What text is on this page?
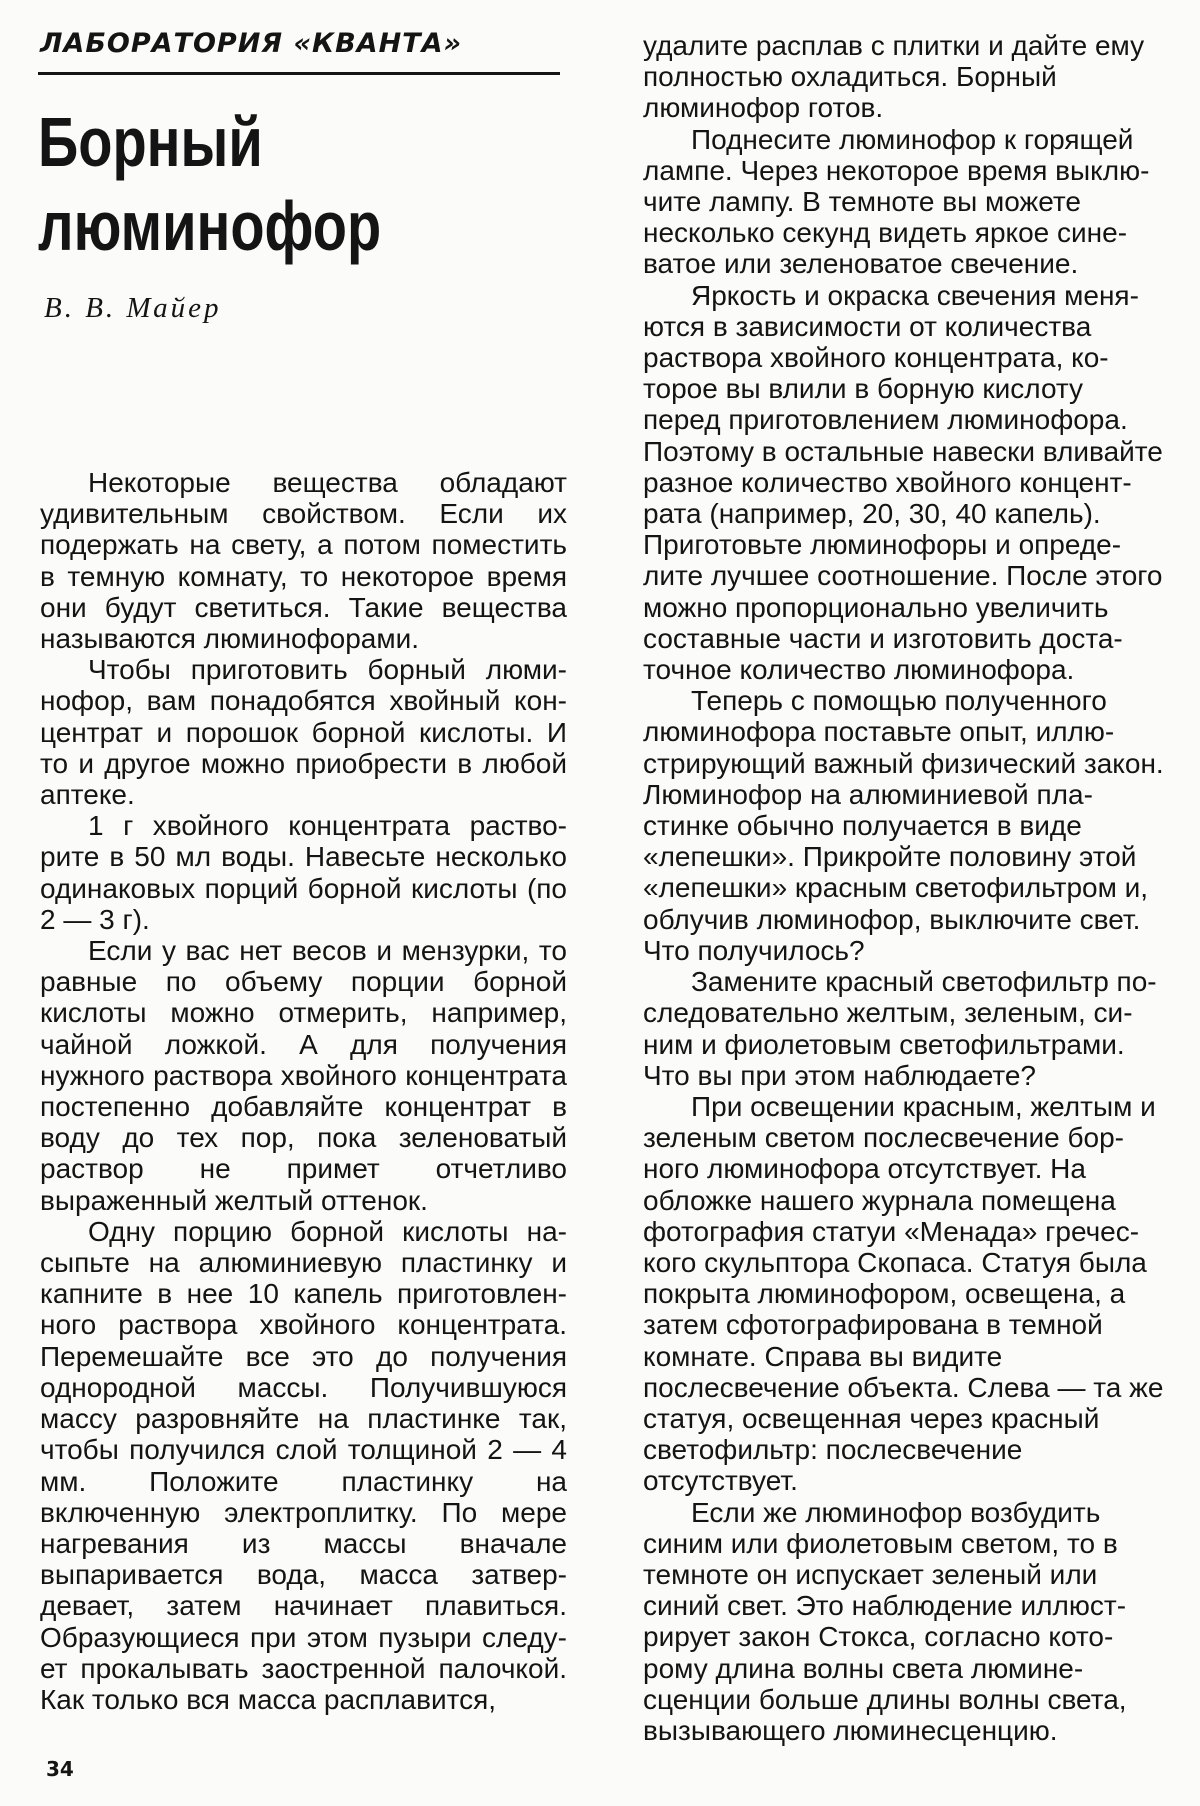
ЛАБОРАТОРИЯ «КВАНТА»
Борный
люминофор
В. В. Майер

Некоторые вещества обладают удивительным свойством. Если их подержать на свету, а потом поместить в темную комнату, то некоторое время они будут светиться. Такие вещества называются люминофорами.

Чтобы приготовить борный люминофор, вам понадобятся хвойный концентрат и порошок борной кислоты. И то и другое можно приобрести в любой аптеке.

1 г хвойного концентрата растворите в 50 мл воды. Навесьте несколько одинаковых порций борной кислоты (по 2 — 3 г).

Если у вас нет весов и мензурки, то равные по объему порции борной кислоты можно отмерить, например, чайной ложкой. А для получения нужного раствора хвойного концентрата постепенно добавляйте концентрат в воду до тех пор, пока зеленоватый раствор не примет отчетливо выраженный желтый оттенок.

Одну порцию борной кислоты насыпьте на алюминиевую пластинку и капните в нее 10 капель приготовленного раствора хвойного концентрата. Перемешайте все это до получения однородной массы. Получившуюся массу разровняйте на пластинке так, чтобы получился слой толщиной 2 — 4 мм. Положите пластинку на включенную электроплитку. По мере нагревания из массы вначале выпаривается вода, масса затвердевает, затем начинает плавиться. Образующиеся при этом пузыри следует прокалывать заостренной палочкой. Как только вся масса расплавится,

удалите расплав с плитки и дайте ему полностью охладиться. Борный люминофор готов.

Поднесите люминофор к горящей лампе. Через некоторое время выключите лампу. В темноте вы можете несколько секунд видеть яркое синеватое или зеленоватое свечение.

Яркость и окраска свечения меняются в зависимости от количества раствора хвойного концентрата, которое вы влили в борную кислоту перед приготовлением люминофора. Поэтому в остальные навески вливайте разное количество хвойного концентрата (например, 20, 30, 40 капель). Приготовьте люминофоры и определите лучшее соотношение. После этого можно пропорционально увеличить составные части и изготовить достаточное количество люминофора.

Теперь с помощью полученного люминофора поставьте опыт, иллюстрирующий важный физический закон. Люминофор на алюминиевой пластинке обычно получается в виде «лепешки». Прикройте половину этой «лепешки» красным светофильтром и, облучив люминофор, выключите свет. Что получилось?

Замените красный светофильтр последовательно желтым, зеленым, синим и фиолетовым светофильтрами. Что вы при этом наблюдаете?

При освещении красным, желтым и зеленым светом послесвечение борного люминофора отсутствует. На обложке нашего журнала помещена фотография статуи «Менада» греческого скульптора Скопаса. Статуя была покрыта люминофором, освещена, а затем сфотографирована в темной комнате. Справа вы видите послесвечение объекта. Слева — та же статуя, освещенная через красный светофильтр: послесвечение отсутствует.

Если же люминофор возбудить синим или фиолетовым светом, то в темноте он испускает зеленый или синий свет. Это наблюдение иллюстрирует закон Стокса, согласно которому длина волны света люминесценции больше длины волны света, вызывающего люминесценцию.

34
